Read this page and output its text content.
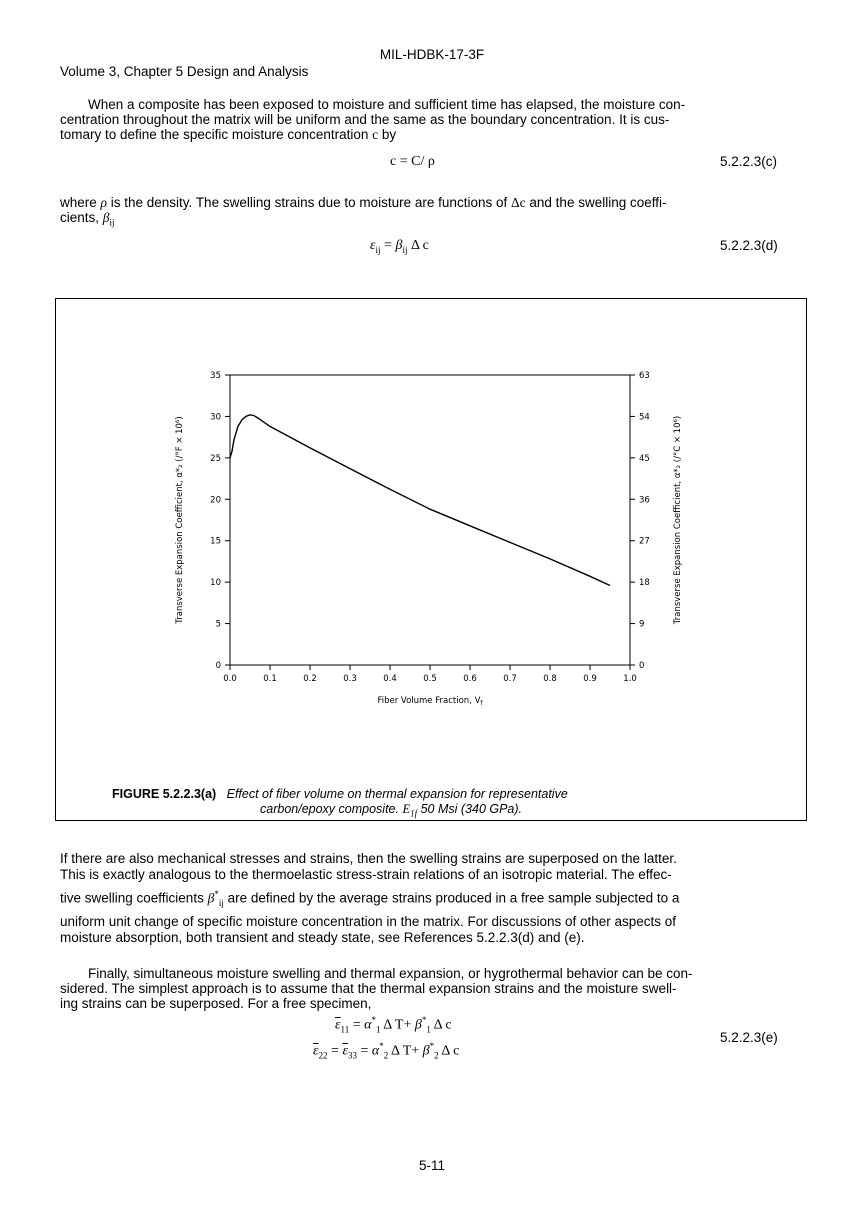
MIL-HDBK-17-3F
Volume 3, Chapter 5 Design and Analysis
When a composite has been exposed to moisture and sufficient time has elapsed, the moisture con-
centration throughout the matrix will be uniform and the same as the boundary concentration. It is cus-
tomary to define the specific moisture concentration c by
c = C/ ρ	5.2.2.3(c)
where ρ is the density. The swelling strains due to moisture are functions of Δc and the swelling coeffi-
cients, $\beta_{ij}$
$\varepsilon_{ij} = \beta_{ij}$ Δ c	5.2.2.3(d)
0.0	0.1	0.2	0.3	0.4	0.5	0.6	0.7	0.8	0.9	1.0
0
5
10
15
20
25
30
35
0
9
18
27
36
45
54
63
Fiber Volume Fraction, $V_f$
Transverse Expansion Coefficient, α*₂ (/°F × 10⁶)	Transverse Expansion Coefficient, α*₂ (/°C × 10⁶)
FIGURE 5.2.2.3(a) Effect of fiber volume on thermal expansion for representative
carbon/epoxy composite. $E_{1f}$ 50 Msi (340 GPa).
If there are also mechanical stresses and strains, then the swelling strains are superposed on the latter.
This is exactly analogous to the thermoelastic stress-strain relations of an isotropic material. The effec-
tive swelling coefficients $\beta^*_{ij}$ are defined by the average strains produced in a free sample subjected to a
uniform unit change of specific moisture concentration in the matrix. For discussions of other aspects of
moisture absorption, both transient and steady state, see References 5.2.2.3(d) and (e).
Finally, simultaneous moisture swelling and thermal expansion, or hygrothermal behavior can be con-
sidered. The simplest approach is to assume that the thermal expansion strains and the moisture swell-
ing strains can be superposed. For a free specimen,
$\overline{\varepsilon}_{11} = \alpha^*_1$ Δ $T+ \beta^*_1$ Δ c
$\overline{\varepsilon}_{22} = \overline{\varepsilon}_{33} = \alpha^*_2$ Δ $T+ \beta^*_2$ Δ c
5.2.2.3(e)
5-11
